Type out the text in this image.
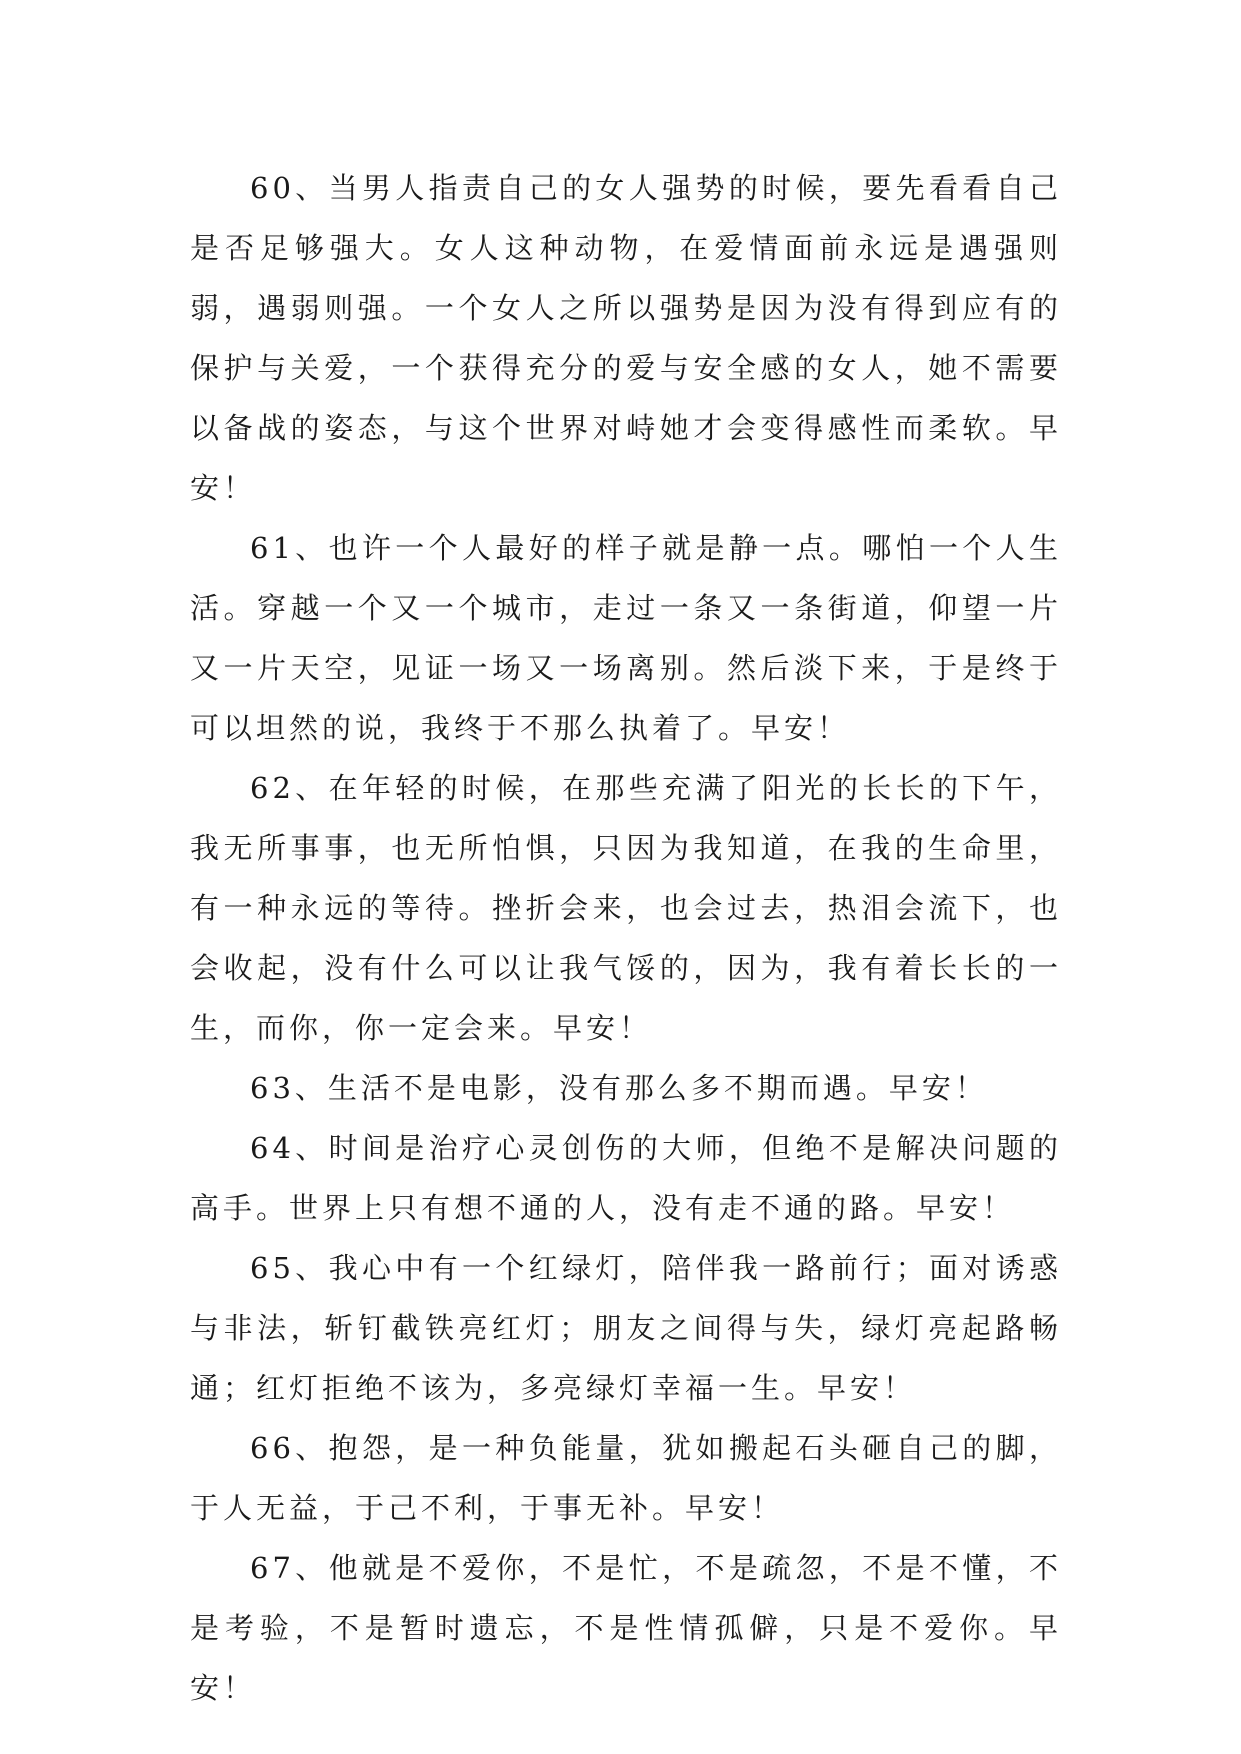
60、当男人指责自己的女人强势的时候，要先看看自己是否足够强大。女人这种动物，在爱情面前永远是遇强则弱，遇弱则强。一个女人之所以强势是因为没有得到应有的保护与关爱，一个获得充分的爱与安全感的女人，她不需要以备战的姿态，与这个世界对峙她才会变得感性而柔软。早安！

61、也许一个人最好的样子就是静一点。哪怕一个人生活。穿越一个又一个城市，走过一条又一条街道，仰望一片又一片天空，见证一场又一场离别。然后淡下来，于是终于可以坦然的说，我终于不那么执着了。早安！

62、在年轻的时候，在那些充满了阳光的长长的下午，我无所事事，也无所怕惧，只因为我知道，在我的生命里，有一种永远的等待。挫折会来，也会过去，热泪会流下，也会收起，没有什么可以让我气馁的，因为，我有着长长的一生，而你，你一定会来。早安！

63、生活不是电影，没有那么多不期而遇。早安！

64、时间是治疗心灵创伤的大师，但绝不是解决问题的高手。世界上只有想不通的人，没有走不通的路。早安！

65、我心中有一个红绿灯，陪伴我一路前行；面对诱惑与非法，斩钉截铁亮红灯；朋友之间得与失，绿灯亮起路畅通；红灯拒绝不该为，多亮绿灯幸福一生。早安！

66、抱怨，是一种负能量，犹如搬起石头砸自己的脚，于人无益，于己不利，于事无补。早安！

67、他就是不爱你，不是忙，不是疏忽，不是不懂，不是考验，不是暂时遗忘，不是性情孤僻，只是不爱你。早安！
